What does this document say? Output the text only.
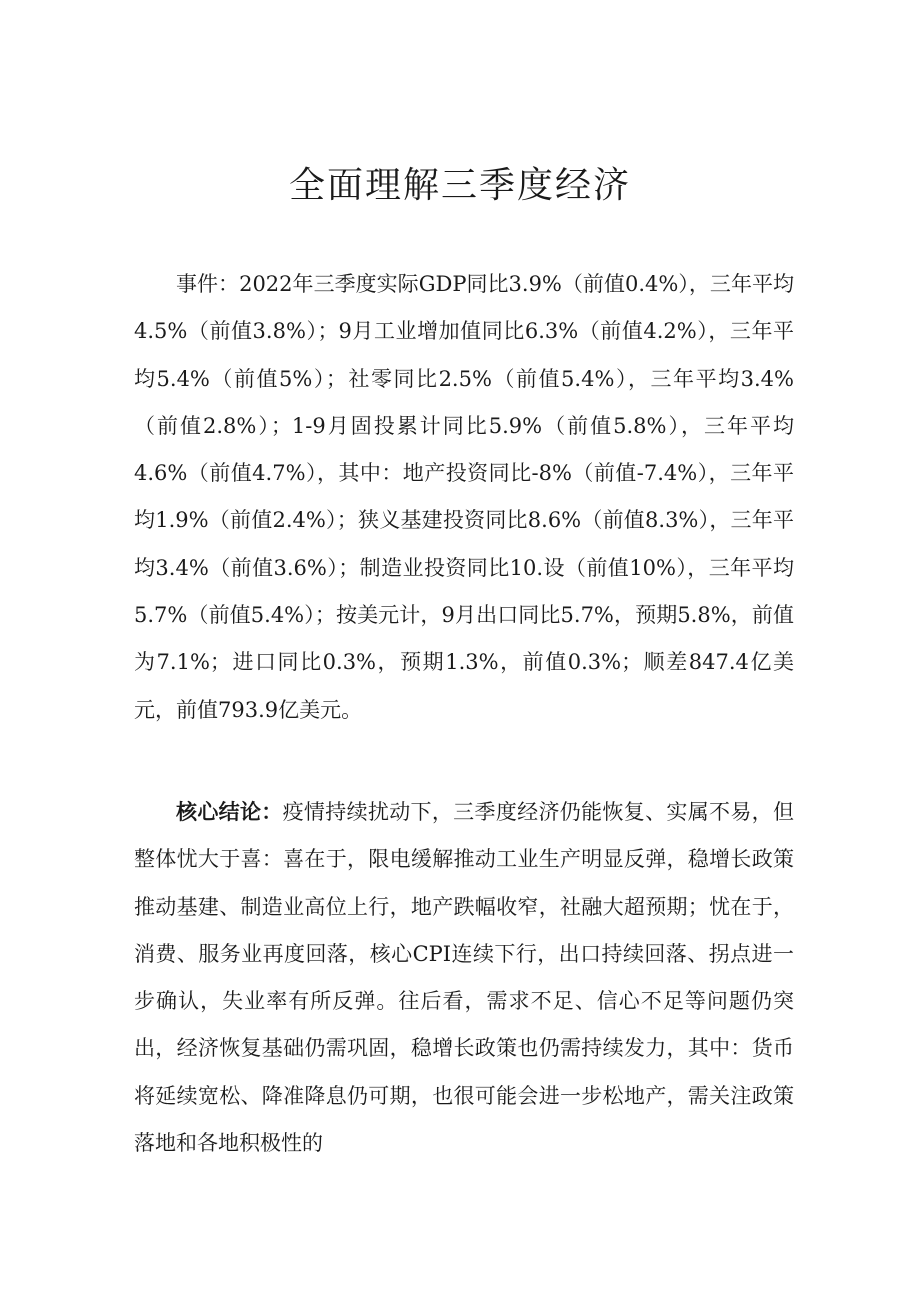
全面理解三季度经济

事件：2022年三季度实际GDP同比3.9%（前值0.4%），三年平均4.5%（前值3.8%）；9月工业增加值同比6.3%（前值4.2%），三年平均5.4%（前值5%）；社零同比2.5%（前值5.4%），三年平均3.4%（前值2.8%）；1-9月固投累计同比5.9%（前值5.8%），三年平均4.6%（前值4.7%），其中：地产投资同比-8%（前值-7.4%），三年平均1.9%（前值2.4%）；狭义基建投资同比8.6%（前值8.3%），三年平均3.4%（前值3.6%）；制造业投资同比10.设（前值10%），三年平均5.7%（前值5.4%）；按美元计，9月出口同比5.7%，预期5.8%，前值为7.1%；进口同比0.3%，预期1.3%，前值0.3%；顺差847.4亿美元，前值793.9亿美元。

核心结论：疫情持续扰动下，三季度经济仍能恢复、实属不易，但整体忧大于喜：喜在于，限电缓解推动工业生产明显反弹，稳增长政策推动基建、制造业高位上行，地产跌幅收窄，社融大超预期；忧在于，消费、服务业再度回落，核心CPI连续下行，出口持续回落、拐点进一步确认，失业率有所反弹。往后看，需求不足、信心不足等问题仍突出，经济恢复基础仍需巩固，稳增长政策也仍需持续发力，其中：货币将延续宽松、降准降息仍可期，也很可能会进一步松地产，需关注政策落地和各地积极性的
